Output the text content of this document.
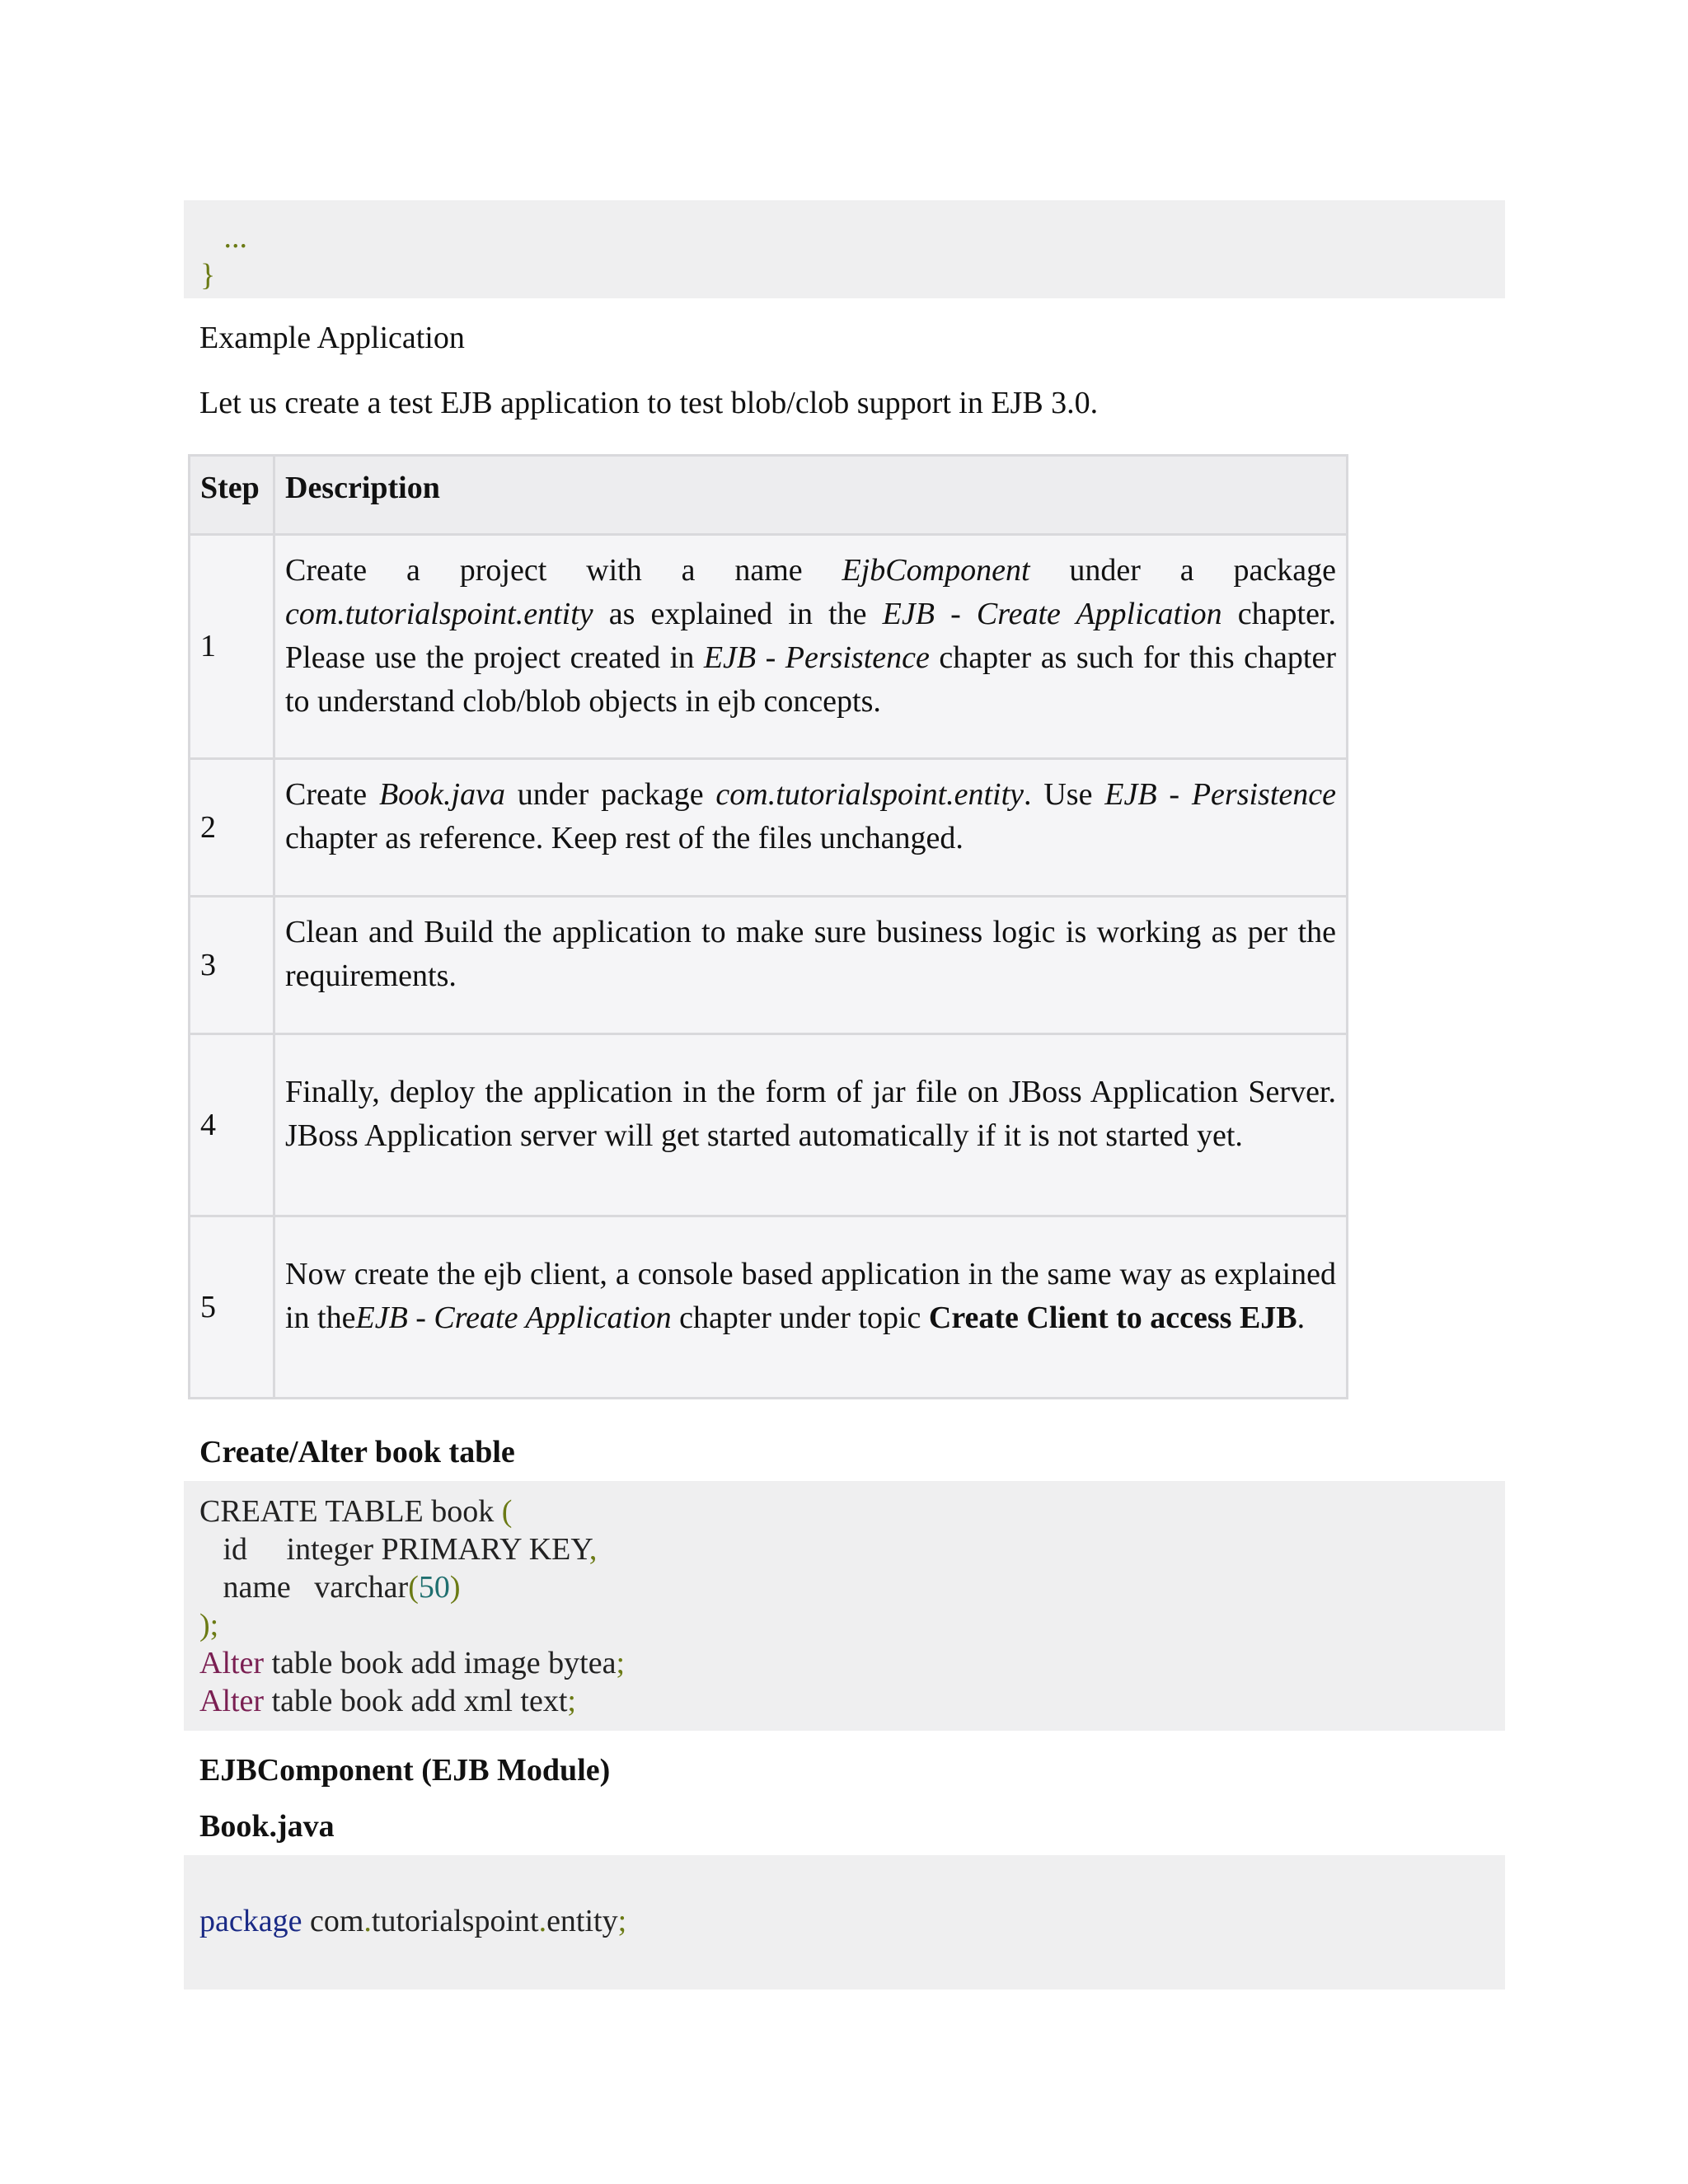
...
}
Example Application
Let us create a test EJB application to test blob/clob support in EJB 3.0.
Step	Description
1	Create a project with a name EjbComponent under a package com.tutorialspoint.entity as explained in the EJB - Create Application chapter. Please use the project created in EJB - Persistence chapter as such for this chapter to understand clob/blob objects in ejb concepts.

2	Create Book.java under package com.tutorialspoint.entity. Use EJB - Persistence chapter as reference. Keep rest of the files unchanged.

3	Clean and Build the application to make sure business logic is working as per the requirements.

4	Finally, deploy the application in the form of jar file on JBoss Application Server. JBoss Application server will get started automatically if it is not started yet.

5	Now create the ejb client, a console based application in the same way as explained in theEJB - Create Application chapter under topic Create Client to access EJB.
Create/Alter book table
CREATE TABLE book (
id     integer PRIMARY KEY,
name   varchar(50)
);
Alter table book add image bytea;
Alter table book add xml text;
EJBComponent (EJB Module)
Book.java
package com.tutorialspoint.entity;
